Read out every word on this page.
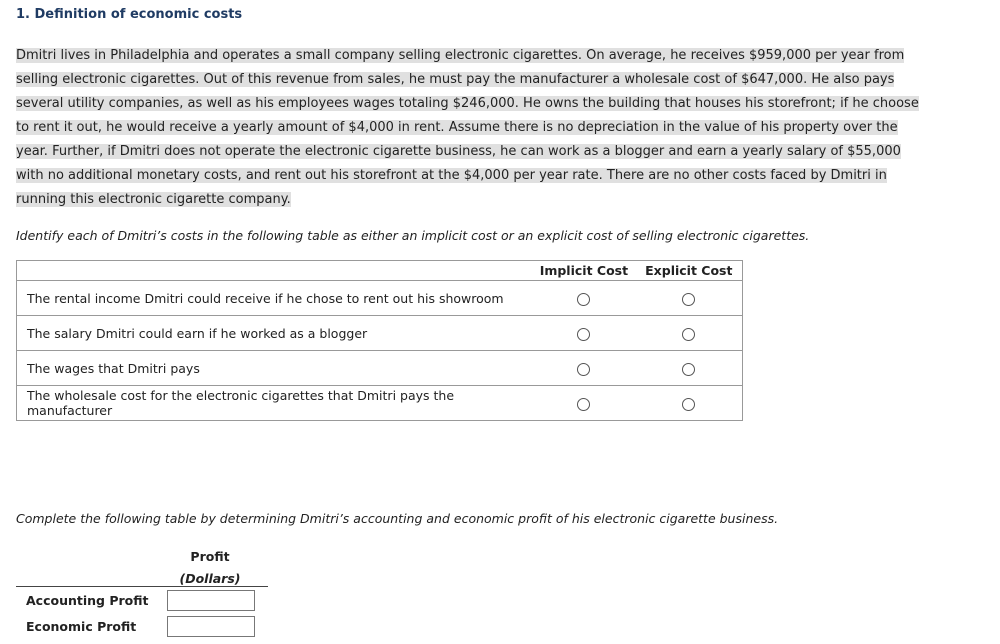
1. Definition of economic costs
Dmitri lives in Philadelphia and operates a small company selling electronic cigarettes. On average, he receives $959,000 per year from selling electronic cigarettes. Out of this revenue from sales, he must pay the manufacturer a wholesale cost of $647,000. He also pays several utility companies, as well as his employees wages totaling $246,000. He owns the building that houses his storefront; if he choose to rent it out, he would receive a yearly amount of $4,000 in rent. Assume there is no depreciation in the value of his property over the year. Further, if Dmitri does not operate the electronic cigarette business, he can work as a blogger and earn a yearly salary of $55,000 with no additional monetary costs, and rent out his storefront at the $4,000 per year rate. There are no other costs faced by Dmitri in running this electronic cigarette company.
Identify each of Dmitri’s costs in the following table as either an implicit cost or an explicit cost of selling electronic cigarettes.
	Implicit Cost	Explicit Cost
The rental income Dmitri could receive if he chose to rent out his showroom		
The salary Dmitri could earn if he worked as a blogger		
The wages that Dmitri pays		
The wholesale cost for the electronic cigarettes that Dmitri pays the manufacturer		
Complete the following table by determining Dmitri’s accounting and economic profit of his electronic cigarette business.
Profit
(Dollars)
Accounting Profit
Economic Profit
